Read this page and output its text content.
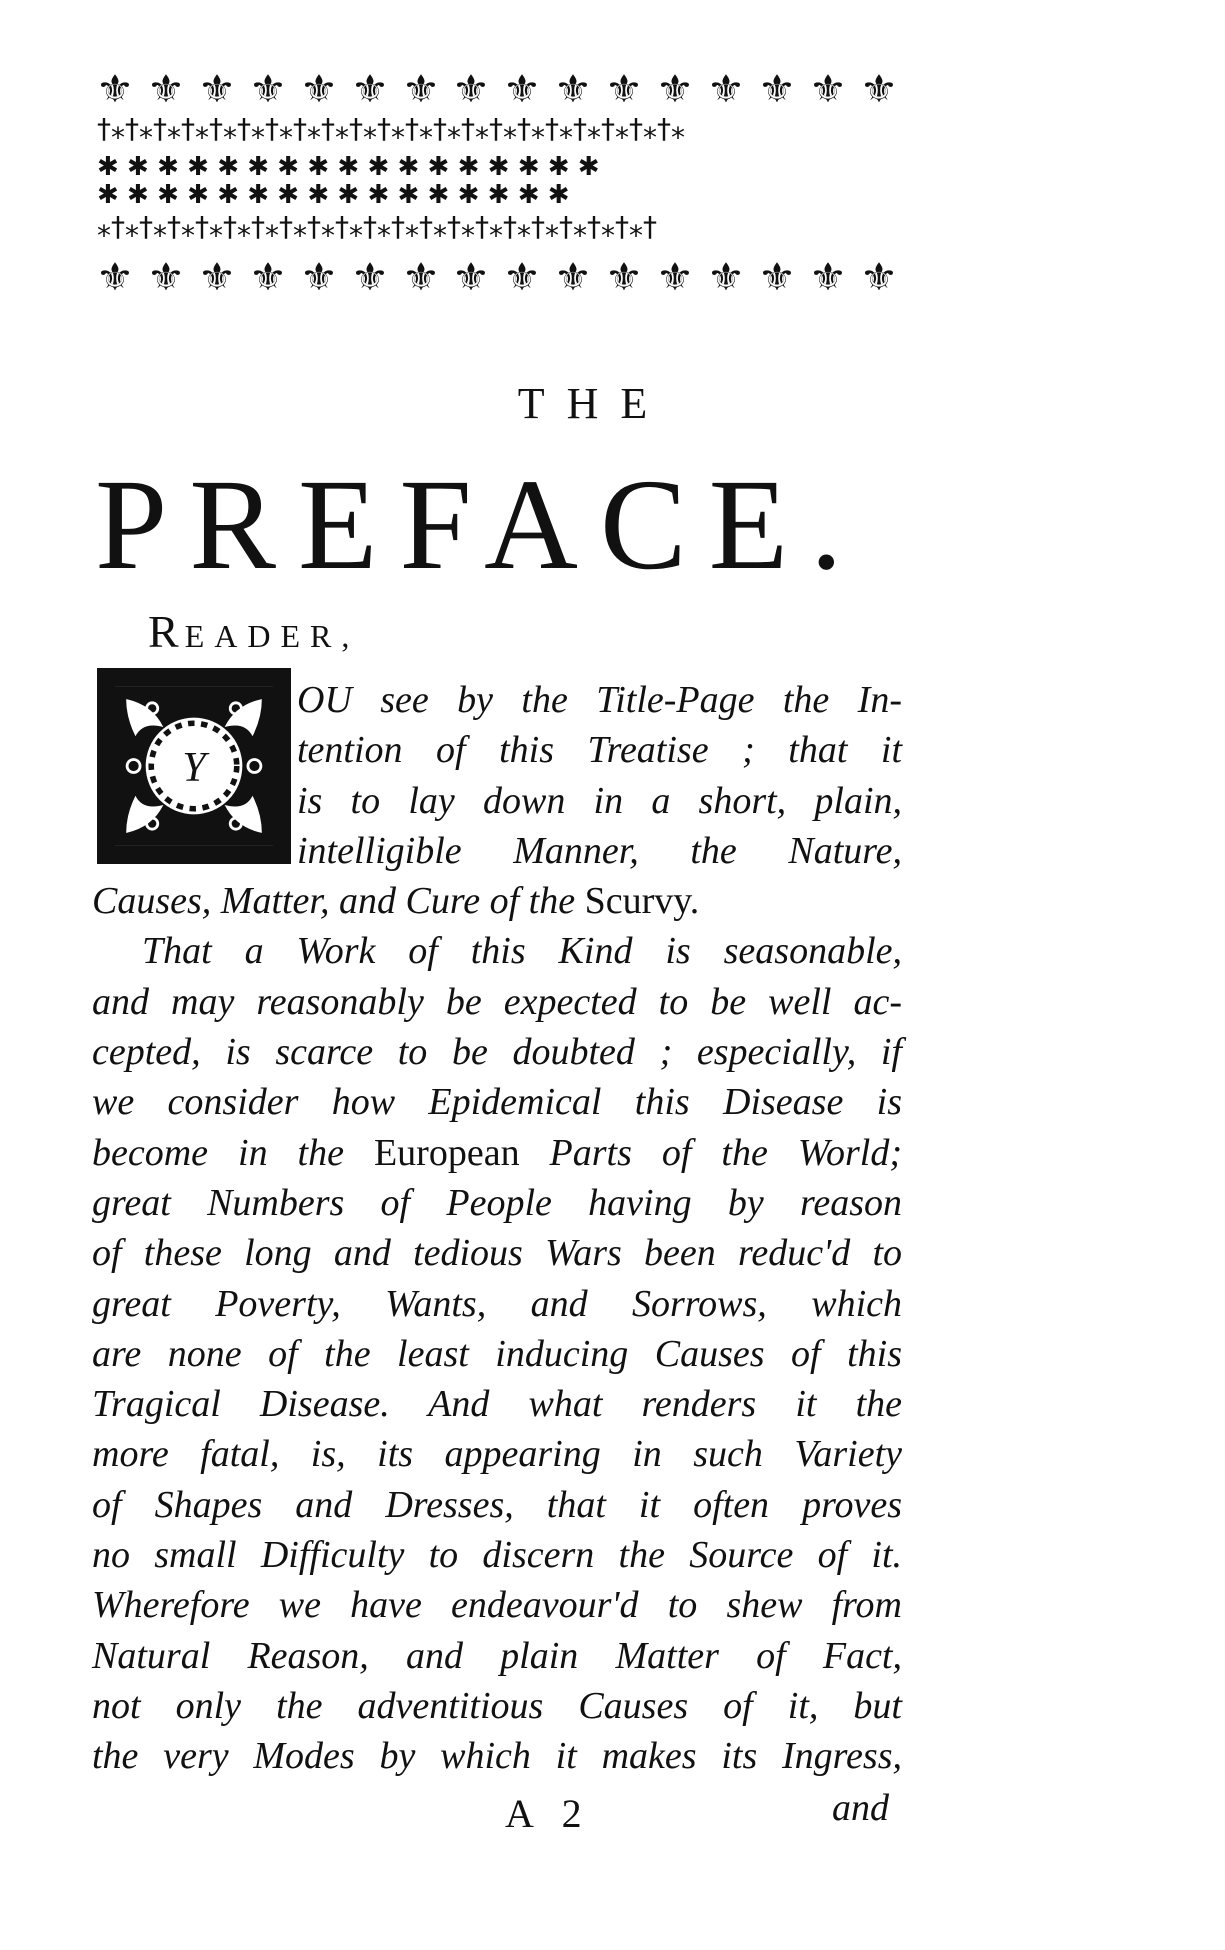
⚜ ⚜ ⚜ ⚜ ⚜ ⚜ ⚜ ⚜ ⚜ ⚜ ⚜ ⚜ ⚜ ⚜ ⚜ ⚜
†⁎†⁎†⁎†⁎†⁎†⁎†⁎†⁎†⁎†⁎†⁎†⁎†⁎†⁎†⁎†⁎†⁎†⁎†⁎†⁎†⁎
✱ ✱ ✱ ✱ ✱ ✱ ✱ ✱ ✱ ✱ ✱ ✱ ✱ ✱ ✱ ✱ ✱
✱ ✱ ✱ ✱ ✱ ✱ ✱ ✱ ✱ ✱ ✱ ✱ ✱ ✱ ✱ ✱
⁎†⁎†⁎†⁎†⁎†⁎†⁎†⁎†⁎†⁎†⁎†⁎†⁎†⁎†⁎†⁎†⁎†⁎†⁎†⁎†
⚜ ⚜ ⚜ ⚜ ⚜ ⚜ ⚜ ⚜ ⚜ ⚜ ⚜ ⚜ ⚜ ⚜ ⚜ ⚜
THE
PREFACE.
READER,
Y
OU see by the Title-Page the In-
tention of this Treatise ; that it
is to lay down in a short, plain,
intelligible Manner, the Nature,
Causes, Matter, and Cure of the Scurvy.
That a Work of this Kind is seasonable,
and may reasonably be expected to be well ac-
cepted, is scarce to be doubted ; especially, if
we consider how Epidemical this Disease is
become in the European Parts of the World;
great Numbers of People having by reason
of these long and tedious Wars been reduc'd to
great Poverty, Wants, and Sorrows, which
are none of the least inducing Causes of this
Tragical Disease. And what renders it the
more fatal, is, its appearing in such Variety
of Shapes and Dresses, that it often proves
no small Difficulty to discern the Source of it.
Wherefore we have endeavour'd to shew from
Natural Reason, and plain Matter of Fact,
not only the adventitious Causes of it, but
the very Modes by which it makes its Ingress,
A 2	and
